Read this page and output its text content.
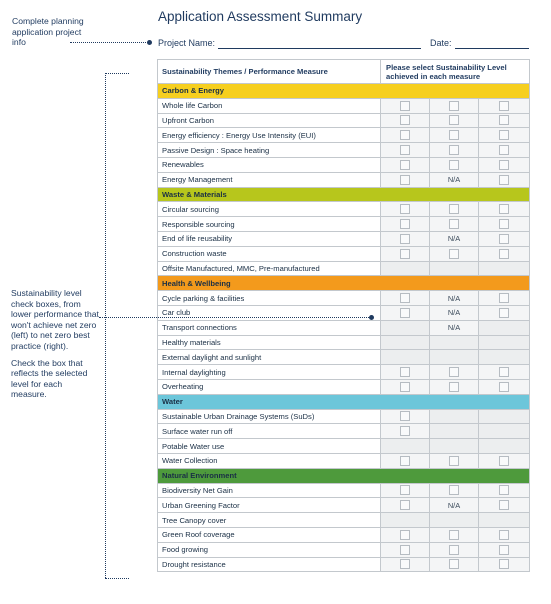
Application Assessment Summary
Project Name:	Date:
Complete planning application project info

Sustainability level check boxes, from lower performance that won't achieve net zero (left) to net zero best practice (right).

Check the box that reflects the selected level for each measure.

Sustainability Themes / Performance Measure	Please select Sustainability Level achieved in each measure		
Carbon & Energy			
Whole life Carbon			
Upfront Carbon			
Energy efficiency : Energy Use Intensity (EUI)			
Passive Design : Space heating			
Renewables			
Energy Management		N/A	
Waste & Materials			
Circular sourcing			
Responsible sourcing			
End of life reusability		N/A	
Construction waste			
Offsite Manufactured, MMC, Pre-manufactured			
Health & Wellbeing			
Cycle parking & facilities		N/A	
Car club		N/A	
Transport connections		N/A	
Healthy materials			
External daylight and sunlight			
Internal daylighting			
Overheating			
Water			
Sustainable Urban Drainage Systems (SuDs)			
Surface water run off			
Potable Water use			
Water Collection			
Natural Environment			
Biodiversity Net Gain			
Urban Greening Factor		N/A	
Tree Canopy cover			
Green Roof coverage			
Food growing			
Drought resistance			
